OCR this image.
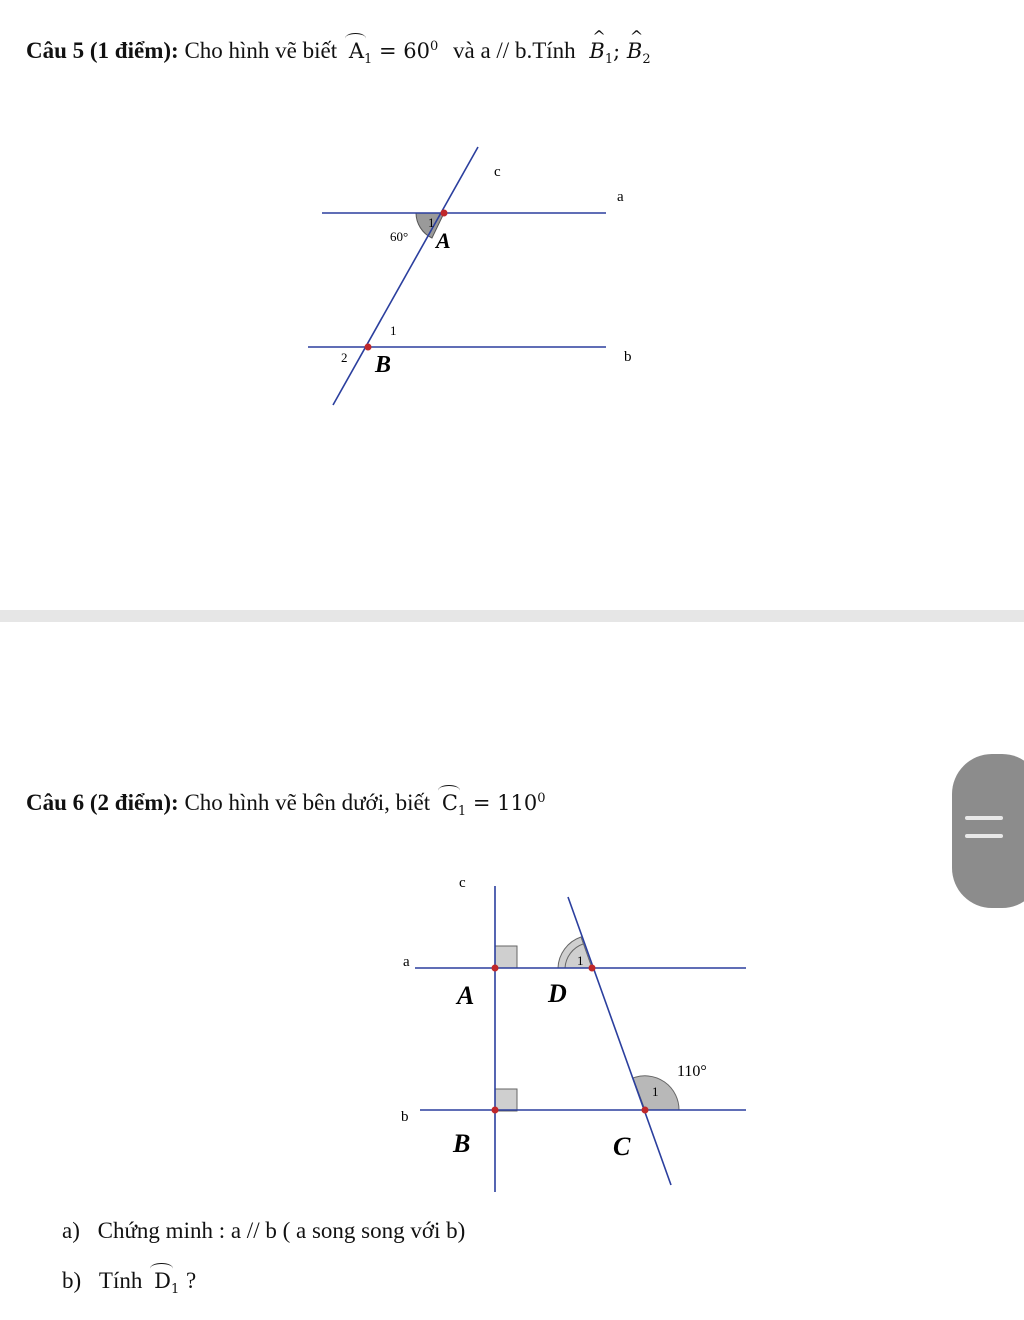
Câu 5 (1 điểm): Cho hình vẽ biết $A_1 = 60^0$ và a // b.Tính ^ $B_1$; ^ $B_2$
c
a
b
60°
1
A
1
2 B
Câu 6 (2 điểm): Cho hình vẽ bên dưới, biết $C_1 = 110^0$
c
a
b
A	D
1
110°
1
B	C
a) Chứng minh : a // b ( a song song với b)
b) Tính $D_1$ ?
